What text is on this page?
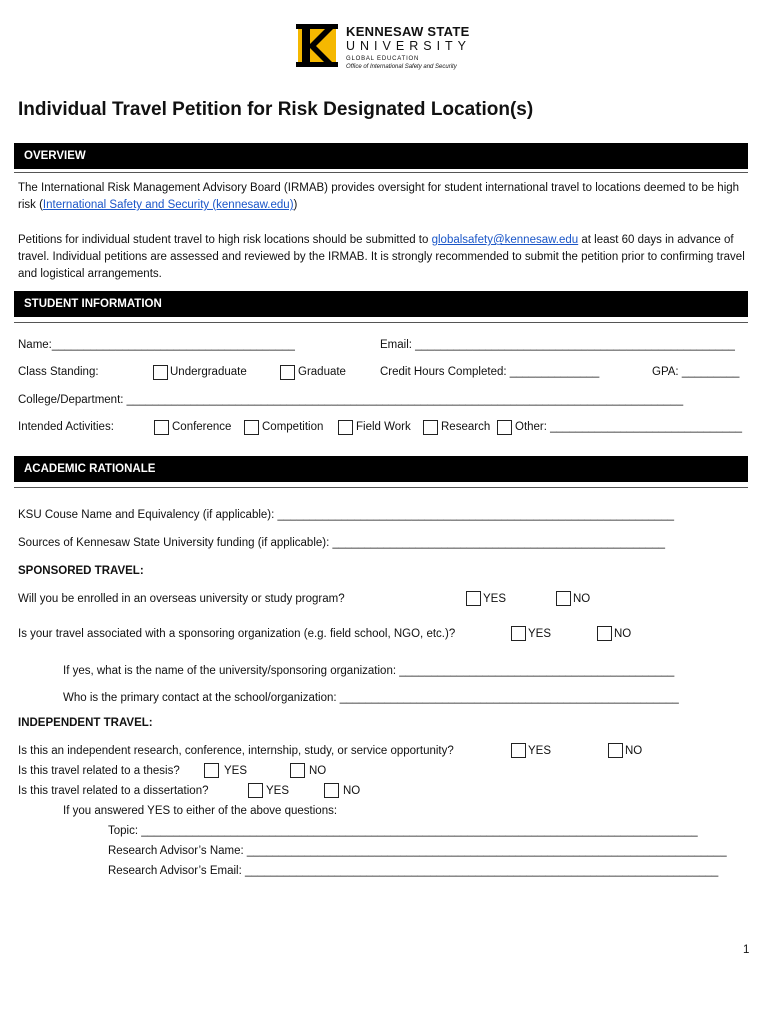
KENNESAW STATE
UNIVERSITY
GLOBAL EDUCATION
Office of International Safety and Security
Individual Travel Petition for Risk Designated Location(s)
OVERVIEW

The International Risk Management Advisory Board (IRMAB) provides oversight for student international travel to locations deemed to be high risk (International Safety and Security (kennesaw.edu))

Petitions for individual student travel to high risk locations should be submitted to globalsafety@kennesaw.edu at least 60 days in advance of travel. Individual petitions are assessed and reviewed by the IRMAB. It is strongly recommended to submit the petition prior to confirming travel and logistical arrangements.

STUDENT INFORMATION
Name:______________________________________	Email: __________________________________________________
Class Standing:	Undergraduate	Graduate	Credit Hours Completed: ______________	GPA: _________
College/Department: _______________________________________________________________________________________
Intended Activities:	Conference	Competition	Field Work	Research Other: ______________________________
ACADEMIC RATIONALE
KSU Couse Name and Equivalency (if applicable): ______________________________________________________________
Sources of Kennesaw State University funding (if applicable): ____________________________________________________
SPONSORED TRAVEL:
Will you be enrolled in an overseas university or study program?	YES	NO
Is your travel associated with a sponsoring organization (e.g. field school, NGO, etc.)?	YES	NO
If yes, what is the name of the university/sponsoring organization: ___________________________________________
Who is the primary contact at the school/organization: _____________________________________________________
INDEPENDENT TRAVEL:
Is this an independent research, conference, internship, study, or service opportunity?	YES	NO
Is this travel related to a thesis?	YES	NO
Is this travel related to a dissertation?	YES	NO
If you answered YES to either of the above questions:
Topic: _______________________________________________________________________________________
Research Advisor’s Name: ___________________________________________________________________________
Research Advisor’s Email: __________________________________________________________________________
1
